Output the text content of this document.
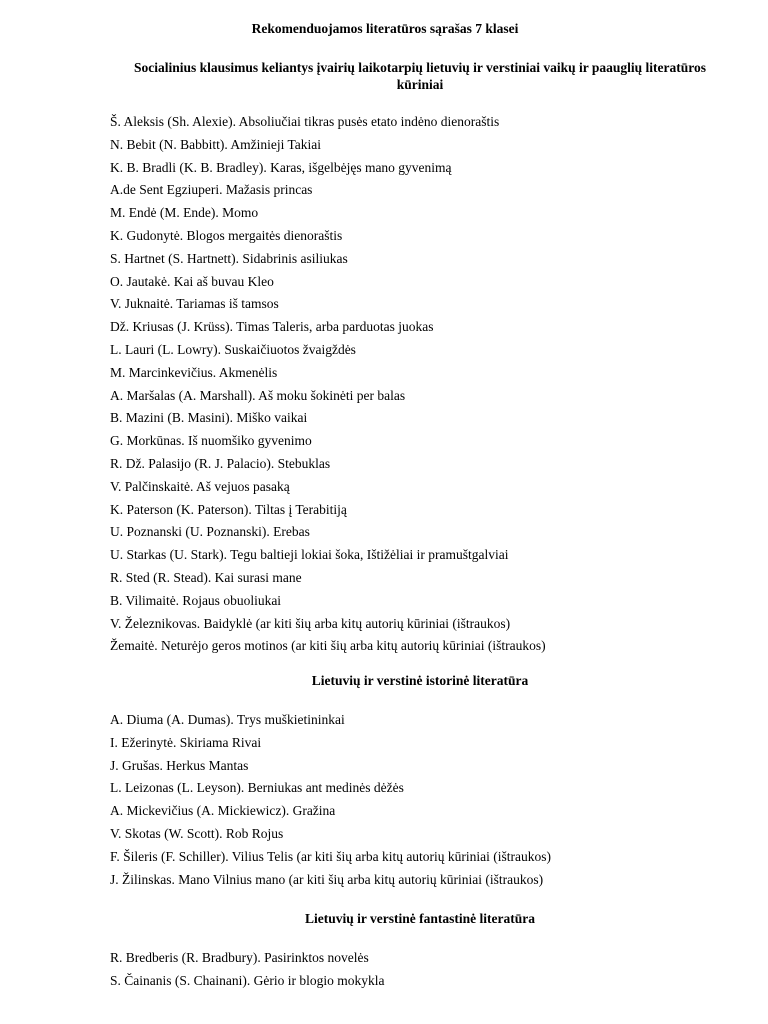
Rekomenduojamos literatūros sąrašas 7 klasei
Socialinius klausimus keliantys įvairių laikotarpių lietuvių ir verstiniai vaikų ir paauglių literatūros kūriniai
Š. Aleksis (Sh. Alexie). Absoliučiai tikras pusės etato indėno dienoraštis
N. Bebit (N. Babbitt). Amžinieji Takiai
K. B. Bradli (K. B. Bradley). Karas, išgelbėjęs mano gyvenimą
A.de Sent Egziuperi. Mažasis princas
M. Endė (M. Ende). Momo
K. Gudonytė. Blogos mergaitės dienoraštis
S. Hartnet (S. Hartnett). Sidabrinis asiliukas
O. Jautakė. Kai aš buvau Kleo
V. Juknaitė. Tariamas iš tamsos
Dž. Kriusas (J. Krüss). Timas Taleris, arba parduotas juokas
L. Lauri (L. Lowry). Suskaičiuotos žvaigždės
M. Marcinkevičius. Akmenėlis
A. Maršalas (A. Marshall). Aš moku šokinėti per balas
B. Mazini (B. Masini). Miško vaikai
G. Morkūnas. Iš nuomšiko gyvenimo
R. Dž. Palasijo (R. J. Palacio). Stebuklas
V. Palčinskaitė. Aš vejuos pasaką
K. Paterson (K. Paterson). Tiltas į Terabitiją
U. Poznanski (U. Poznanski). Erebas
U. Starkas (U. Stark). Tegu baltieji lokiai šoka, Ištižėliai ir pramuštgalviai
R. Sted (R. Stead). Kai surasi mane
B. Vilimaitė. Rojaus obuoliukai
V. Železnikovas. Baidyklė (ar kiti šių arba kitų autorių kūriniai (ištraukos)
Žemaitė. Neturėjo geros motinos (ar kiti šių arba kitų autorių kūriniai (ištraukos)
Lietuvių ir verstinė istorinė literatūra
A. Diuma (A. Dumas). Trys muškietininkai
I. Ežerinytė. Skiriama Rivai
J. Grušas. Herkus Mantas
L. Leizonas (L. Leyson). Berniukas ant medinės dėžės
A. Mickevičius (A. Mickiewicz). Gražina
V. Skotas (W. Scott). Rob Rojus
F. Šileris (F. Schiller). Vilius Telis (ar kiti šių arba kitų autorių kūriniai (ištraukos)
J. Žilinskas. Mano Vilnius mano (ar kiti šių arba kitų autorių kūriniai (ištraukos)
Lietuvių ir verstinė fantastinė literatūra
R. Bredberis (R. Bradbury). Pasirinktos novelės
S. Čainanis (S. Chainani). Gėrio ir blogio mokykla
